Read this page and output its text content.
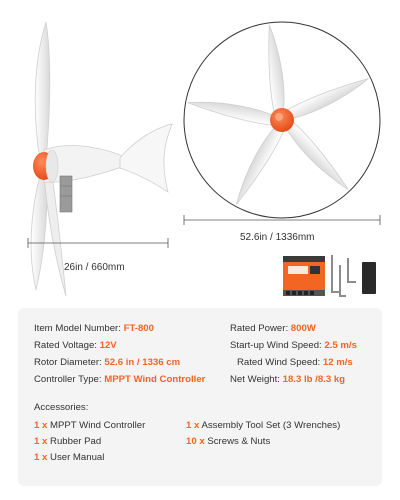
26in / 660mm
52.6in / 1336mm
Item Model Number: FT-800
Rated Voltage: 12V
Rotor Diameter: 52.6 in / 1336 cm
Controller Type: MPPT Wind Controller
Rated Power: 800W
Start-up Wind Speed: 2.5 m/s
Rated Wind Speed: 12 m/s
Net Weight: 18.3 lb /8.3 kg
Accessories:
1 x MPPT Wind Controller
1 x Rubber Pad
1 x User Manual
1 x Assembly Tool Set (3 Wrenches)
10 x Screws & Nuts
